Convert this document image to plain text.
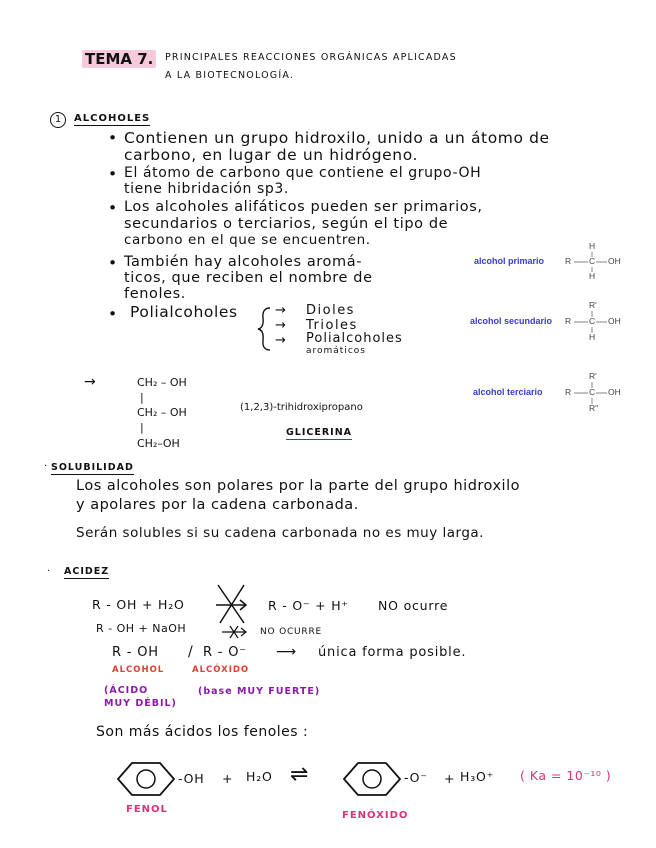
TEMA 7.	PRINCIPALES REACCIONES ORGÁNICAS APLICADAS
A LA BIOTECNOLOGÍA.
1	ALCOHOLES
• Contienen un grupo hidroxilo, unido a un átomo de
carbono, en lugar de un hidrógeno.
• El átomo de carbono que contiene el grupo-OH
tiene hibridación sp3.
• Los alcoholes alifáticos pueden ser primarios,
secundarios o terciarios, según el tipo de
carbono en el que se encuentren.
• También hay alcoholes aromá-
ticos, que reciben el nombre de
fenoles.
• Polialcoholes	→ Dioles
→ Trioles
→ Polialcoholes
aromáticos
alcohol primario
H
R C OH
H
alcohol secundario
R'
R C OH
H
alcohol terciario
R'
R C OH
R''
→	CH₂ – OH
|
CH₂ – OH
|
CH₂–OH
(1,2,3)-trihidroxipropano
GLICERINA
· SOLUBILIDAD
Los alcoholes son polares por la parte del grupo hidroxilo
y apolares por la cadena carbonada.
Serán solubles si su cadena carbonada no es muy larga.
· ACIDEZ
R - OH + H₂O	R - O⁻ + H⁺ NO ocurre
R - OH + NaOH	NO OCURRE
R - OH / R - O⁻ ⟶ única forma posible.
ALCOHOL	ALCÓXIDO
(ÁCIDO
MUY DÉBIL)
(base MUY FUERTE)
Son más ácidos los fenoles :
-OH + H₂O ⇌	-O⁻ + H₃O⁺ ( Ka = 10⁻¹⁰ )
FENOL
FENÓXIDO
